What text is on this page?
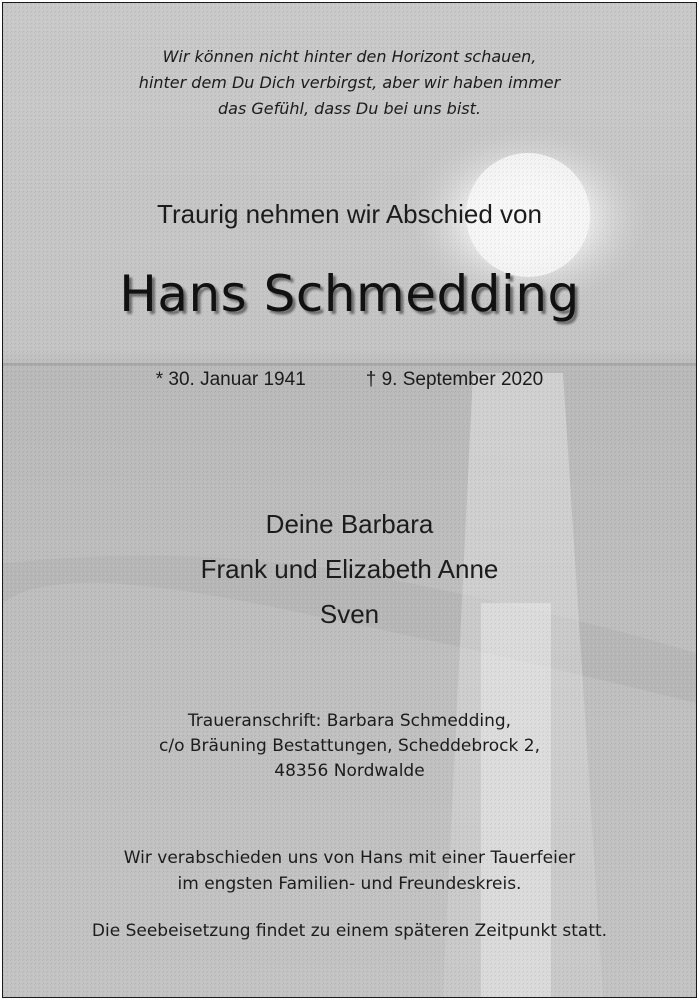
Wir können nicht hinter den Horizont schauen,
hinter dem Du Dich verbirgst, aber wir haben immer
das Gefühl, dass Du bei uns bist.
Traurig nehmen wir Abschied von
Hans Schmedding
* 30. Januar 1941	† 9. September 2020
Deine Barbara
Frank und Elizabeth Anne
Sven
Traueranschrift: Barbara Schmedding,
c/o Bräuning Bestattungen, Scheddebrock 2,
48356 Nordwalde
Wir verabschieden uns von Hans mit einer Tauerfeier
im engsten Familien- und Freundeskreis.
Die Seebeisetzung findet zu einem späteren Zeitpunkt statt.
